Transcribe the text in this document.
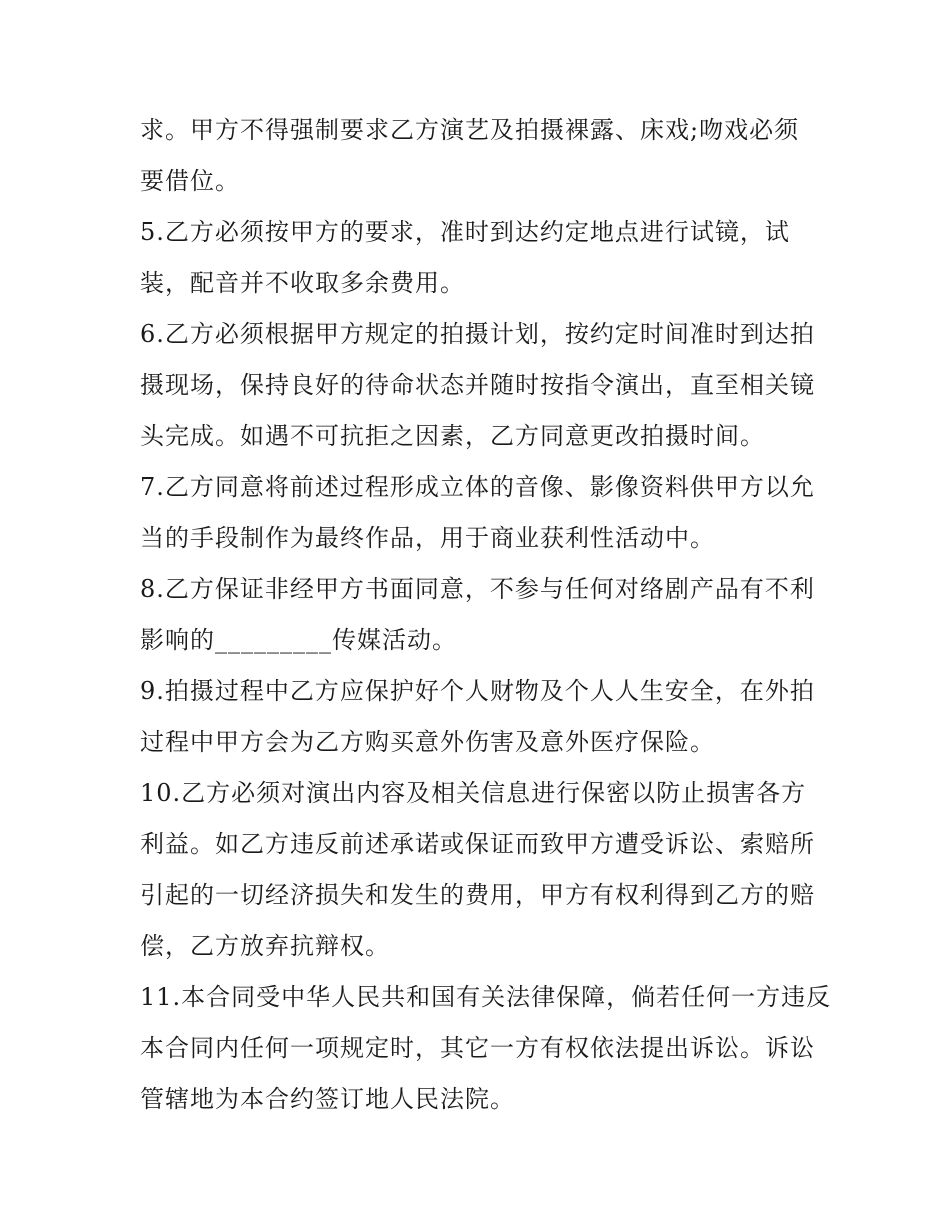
求。甲方不得强制要求乙方演艺及拍摄裸露、床戏;吻戏必须
要借位。
5.乙方必须按甲方的要求，准时到达约定地点进行试镜，试
装，配音并不收取多余费用。
6.乙方必须根据甲方规定的拍摄计划，按约定时间准时到达拍
摄现场，保持良好的待命状态并随时按指令演出，直至相关镜
头完成。如遇不可抗拒之因素，乙方同意更改拍摄时间。
7.乙方同意将前述过程形成立体的音像、影像资料供甲方以允
当的手段制作为最终作品，用于商业获利性活动中。
8.乙方保证非经甲方书面同意，不参与任何对络剧产品有不利
影响的_________传媒活动。
9.拍摄过程中乙方应保护好个人财物及个人人生安全，在外拍
过程中甲方会为乙方购买意外伤害及意外医疗保险。
10.乙方必须对演出内容及相关信息进行保密以防止损害各方
利益。如乙方违反前述承诺或保证而致甲方遭受诉讼、索赔所
引起的一切经济损失和发生的费用，甲方有权利得到乙方的赔
偿，乙方放弃抗辩权。
11.本合同受中华人民共和国有关法律保障，倘若任何一方违反
本合同内任何一项规定时，其它一方有权依法提出诉讼。诉讼
管辖地为本合约签订地人民法院。
